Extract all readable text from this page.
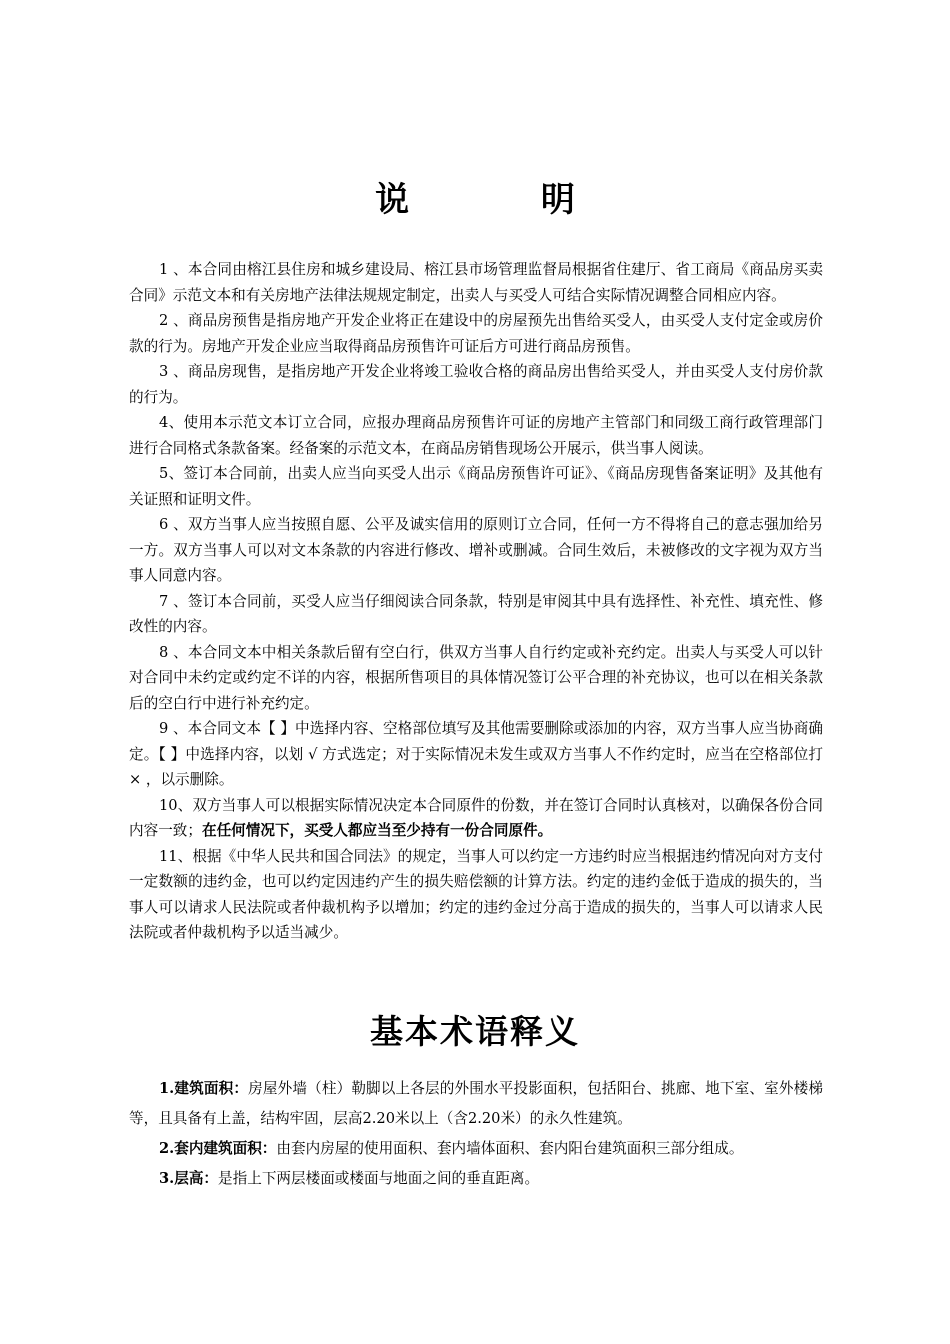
说 明

1 、本合同由榕江县住房和城乡建设局、榕江县市场管理监督局根据省住建厅、省工商局《商品房买卖合同》示范文本和有关房地产法律法规规定制定，出卖人与买受人可结合实际情况调整合同相应内容。

2 、商品房预售是指房地产开发企业将正在建设中的房屋预先出售给买受人，由买受人支付定金或房价款的行为。房地产开发企业应当取得商品房预售许可证后方可进行商品房预售。

3 、商品房现售，是指房地产开发企业将竣工验收合格的商品房出售给买受人，并由买受人支付房价款的行为。

4、使用本示范文本订立合同，应报办理商品房预售许可证的房地产主管部门和同级工商行政管理部门进行合同格式条款备案。经备案的示范文本，在商品房销售现场公开展示，供当事人阅读。

5、签订本合同前，出卖人应当向买受人出示《商品房预售许可证》、《商品房现售备案证明》及其他有关证照和证明文件。

6 、双方当事人应当按照自愿、公平及诚实信用的原则订立合同，任何一方不得将自己的意志强加给另一方。双方当事人可以对文本条款的内容进行修改、增补或删减。合同生效后，未被修改的文字视为双方当事人同意内容。

7 、签订本合同前，买受人应当仔细阅读合同条款，特别是审阅其中具有选择性、补充性、填充性、修改性的内容。

8 、本合同文本中相关条款后留有空白行，供双方当事人自行约定或补充约定。出卖人与买受人可以针对合同中未约定或约定不详的内容，根据所售项目的具体情况签订公平合理的补充协议，也可以在相关条款后的空白行中进行补充约定。

9 、本合同文本【 】中选择内容、空格部位填写及其他需要删除或添加的内容，双方当事人应当协商确定。【 】中选择内容，以划 √ 方式选定；对于实际情况未发生或双方当事人不作约定时，应当在空格部位打 × ，以示删除。

10、双方当事人可以根据实际情况决定本合同原件的份数，并在签订合同时认真核对，以确保各份合同内容一致；在任何情况下，买受人都应当至少持有一份合同原件。

11、根据《中华人民共和国合同法》的规定，当事人可以约定一方违约时应当根据违约情况向对方支付一定数额的违约金，也可以约定因违约产生的损失赔偿额的计算方法。约定的违约金低于造成的损失的，当事人可以请求人民法院或者仲裁机构予以增加；约定的违约金过分高于造成的损失的，当事人可以请求人民法院或者仲裁机构予以适当减少。

基本术语释义

1.建筑面积：房屋外墙（柱）勒脚以上各层的外围水平投影面积，包括阳台、挑廊、地下室、室外楼梯等，且具备有上盖，结构牢固，层高2.20米以上（含2.20米）的永久性建筑。

2.套内建筑面积：由套内房屋的使用面积、套内墙体面积、套内阳台建筑面积三部分组成。

3.层高：是指上下两层楼面或楼面与地面之间的垂直距离。
